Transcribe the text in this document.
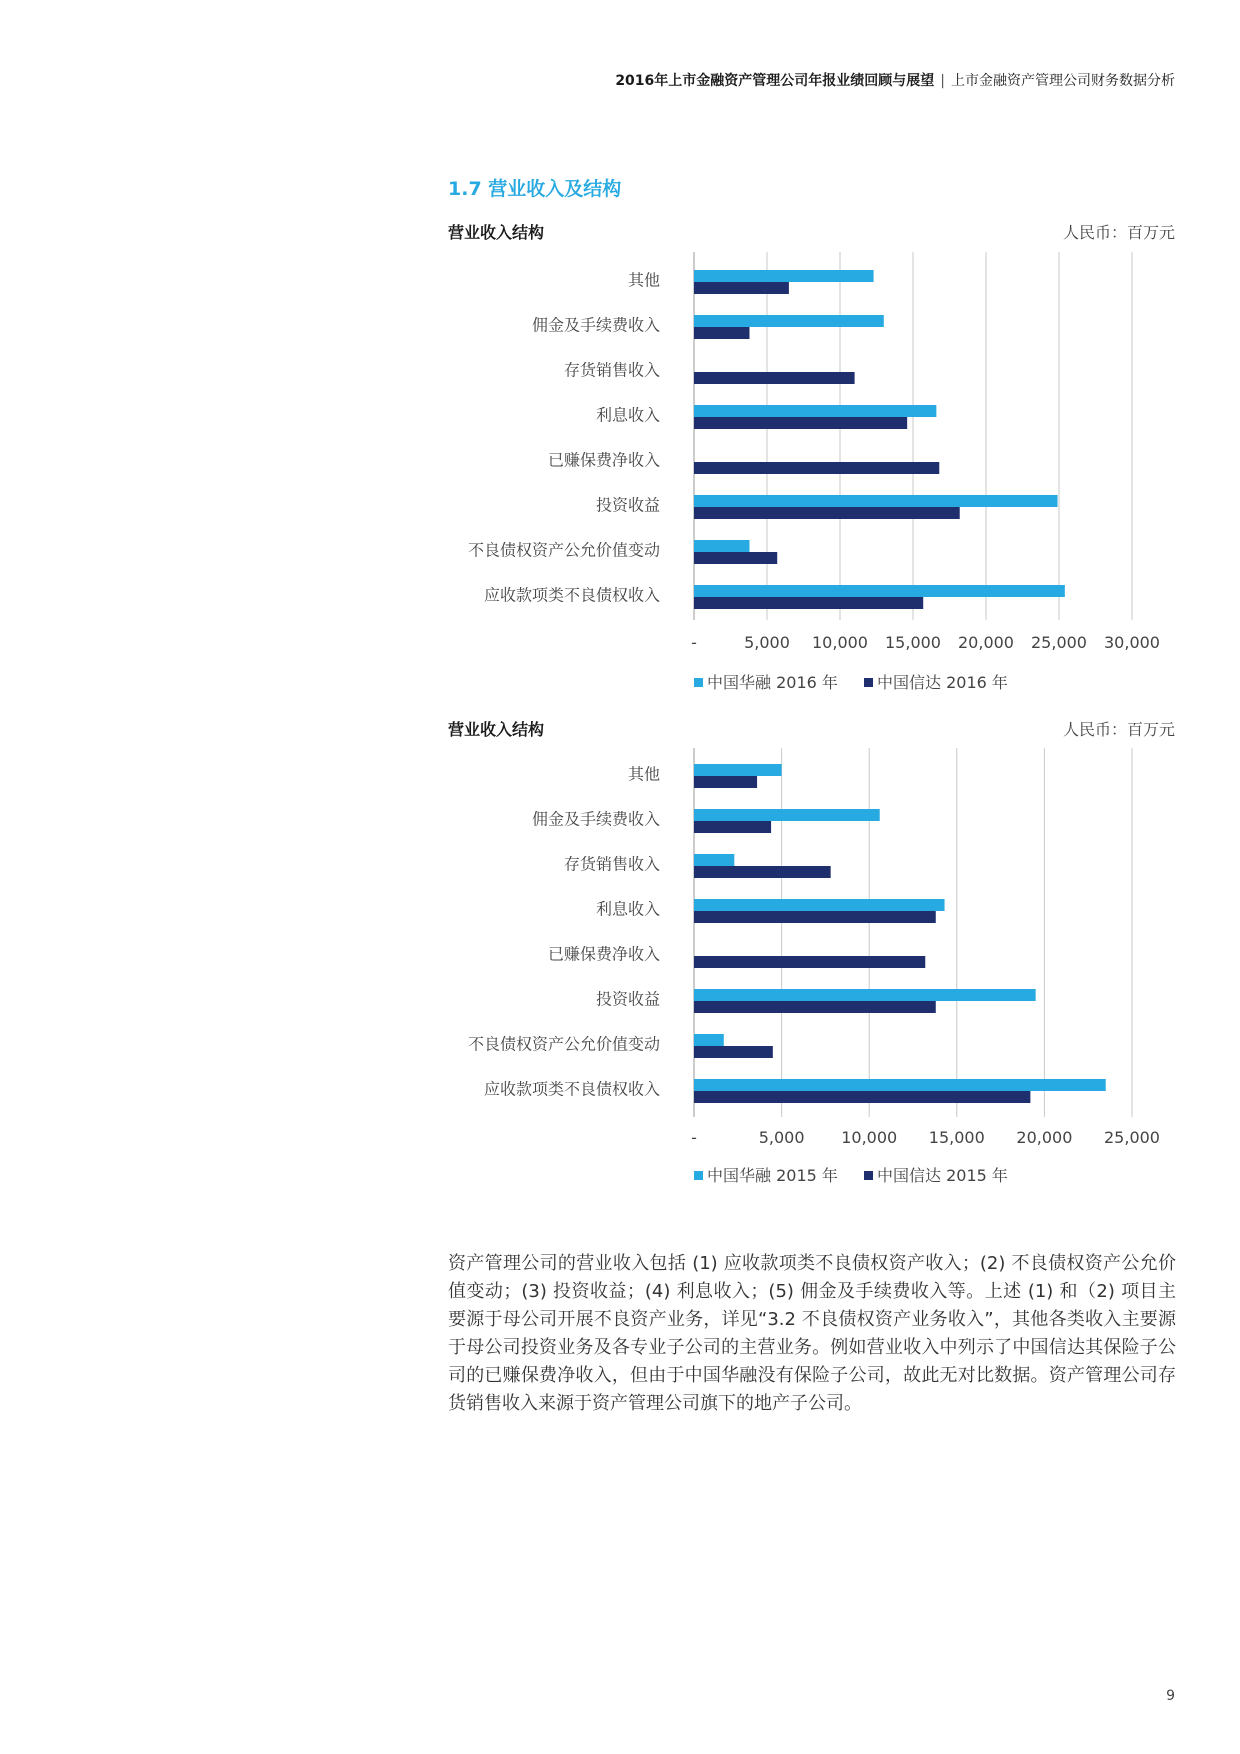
2016年上市金融资产管理公司年报业绩回顾与展望 | 上市金融资产管理公司财务数据分析
1.7 营业收入及结构
营业收入结构	人民币：百万元
其他
佣金及手续费收入
存货销售收入
利息收入
已赚保费净收入
投资收益
不良债权资产公允价值变动
应收款项类不良债权收入
-	5,000 10,000 15,000 20,000 25,000 30,000
中国华融 2016 年 中国信达 2016 年
营业收入结构	人民币：百万元
其他
佣金及手续费收入
存货销售收入
利息收入
已赚保费净收入
投资收益
不良债权资产公允价值变动
应收款项类不良债权收入
-	5,000 10,000 15,000 20,000 25,000
中国华融 2015 年 中国信达 2015 年

资产管理公司的营业收入包括 (1) 应收款项类不良债权资产收入；(2) 不良债权资产公允价值变动；(3) 投资收益；(4) 利息收入；(5) 佣金及手续费收入等。上述 (1) 和（2) 项目主要源于母公司开展不良资产业务，详见“3.2 不良债权资产业务收入”，其他各类收入主要源于母公司投资业务及各专业子公司的主营业务。例如营业收入中列示了中国信达其保险子公司的已赚保费净收入，但由于中国华融没有保险子公司，故此无对比数据。资产管理公司存货销售收入来源于资产管理公司旗下的地产子公司。

9
